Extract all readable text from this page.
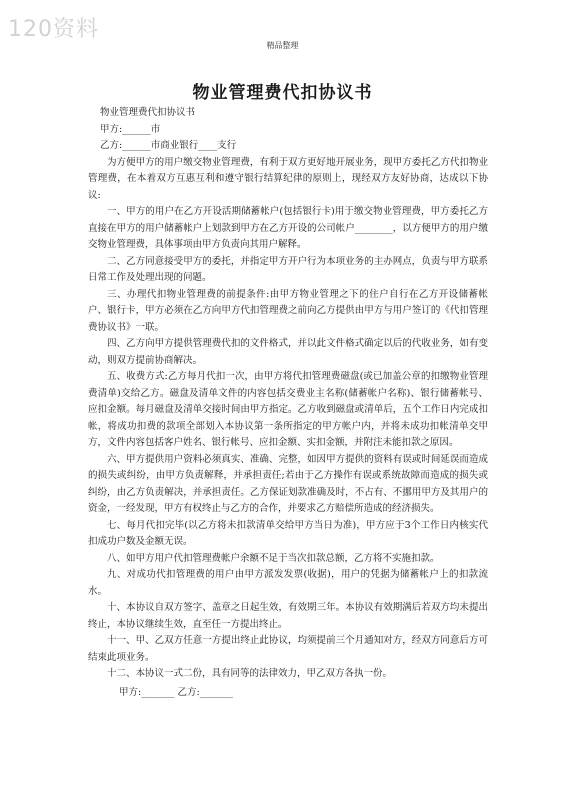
120资料
精品整理
物业管理费代扣协议书
物业管理费代扣协议书
甲方:______市
乙方:______市商业银行____支行

为方便甲方的用户缴交物业管理费，有利于双方更好地开展业务，现甲方委托乙方代扣物业管理费，在本着双方互惠互利和遵守银行结算纪律的原则上，现经双方友好协商，达成以下协议:

一、甲方的用户在乙方开设活期储蓄帐户(包括银行卡)用于缴交物业管理费，甲方委托乙方直接在甲方的用户储蓄帐户上划款到甲方在乙方开设的公司帐户________，以方便甲方的用户缴交物业管理费，具体事项由甲方负责向其用户解释。

二、乙方同意接受甲方的委托，并指定甲方开户行为本项业务的主办网点，负责与甲方联系日常工作及处理出现的问题。

三、办理代扣物业管理费的前提条件:由甲方物业管理之下的住户自行在乙方开设储蓄帐户、银行卡，甲方必须在乙方向甲方代扣管理费之前向乙方提供由甲方与用户签订的《代扣管理费协议书》一联。

四、乙方向甲方提供管理费代扣的文件格式，并以此文件格式确定以后的代收业务，如有变动，则双方提前协商解决。

五、收费方式:乙方每月代扣一次，由甲方将代扣管理费磁盘(或已加盖公章的扣缴物业管理费清单)交给乙方。磁盘及清单文件的内容包括交费业主名称(储蓄帐户名称)、银行储蓄帐号、应扣金额。每月磁盘及清单交接时间由甲方指定。乙方收到磁盘或清单后，五个工作日内完成扣帐，将成功扣费的款项全部划入本协议第一条所指定的甲方帐户内，并将未成功扣帐清单交甲方，文件内容包括客户姓名、银行帐号、应扣金额、实扣金额，并附注未能扣款之原因。

六、甲方提供用户资料必须真实、准确、完整，如因甲方提供的资料有误或时间延误而造成的损失或纠纷，由甲方负责解释，并承担责任;若由于乙方操作有误或系统故障而造成的损失或纠纷，由乙方负责解决，并承担责任。乙方保证划款准确及时，不占有、不挪用甲方及其用户的资金，一经发现，甲方有权终止与乙方的合作，并要求乙方赔偿所造成的经济损失。

七、每月代扣完毕(以乙方将未扣款清单交给甲方当日为准)，甲方应于3个工作日内核实代扣成功户数及金额无误。

八、如甲方用户代扣管理费帐户余额不足于当次扣款总额，乙方将不实施扣款。

九、对成功代扣管理费的用户由甲方派发发票(收据)，用户的凭据为储蓄帐户上的扣款流水。

十、本协议自双方签字、盖章之日起生效，有效期三年。本协议有效期满后若双方均未提出终止，本协议继续生效，直至任一方提出终止。

十一、甲、乙双方任意一方提出终止此协议，均须提前三个月通知对方，经双方同意后方可结束此项业务。

十二、本协议一式二份，具有同等的法律效力，甲乙双方各执一份。

甲方:_______ 乙方:_______
